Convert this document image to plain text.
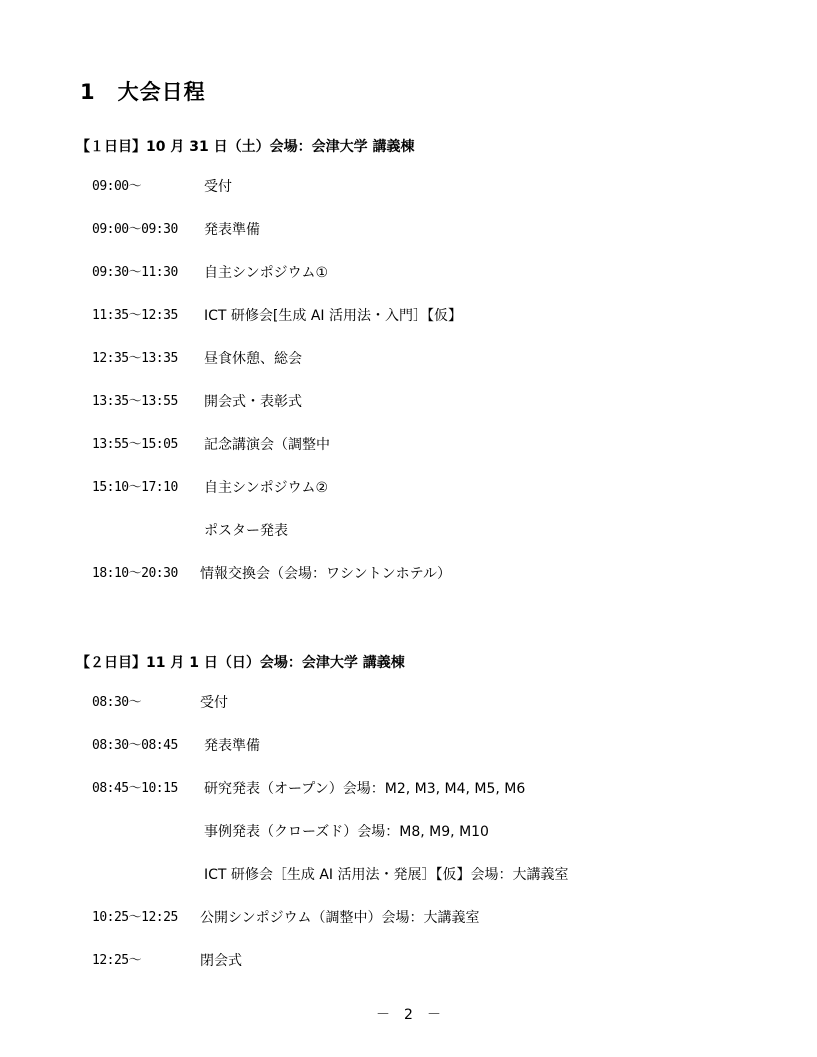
1　大会日程
【１日目】10 月 31 日（土）会場：会津大学 講義棟
09:00～	受付
09:00～09:30 発表準備
09:30～11:30 自主シンポジウム①
11:35～12:35 ICT 研修会[生成 AI 活用法・入門］【仮】
12:35～13:35 昼食休憩、総会
13:35～13:55 開会式・表彰式
13:55～15:05 記念講演会（調整中
15:10～17:10 自主シンポジウム②
ポスター発表
18:10～20:30 情報交換会（会場：ワシントンホテル）
【２日目】11 月 1 日（日）会場：会津大学 講義棟
08:30～	受付
08:30～08:45 発表準備
08:45～10:15 研究発表（オープン）会場：M2, M3, M4, M5, M6
事例発表（クローズド）会場：M8, M9, M10
ICT 研修会［生成 AI 活用法・発展］【仮】会場：大講義室
10:25～12:25 公開シンポジウム（調整中）会場：大講義室
12:25～	閉会式
－　2　－
